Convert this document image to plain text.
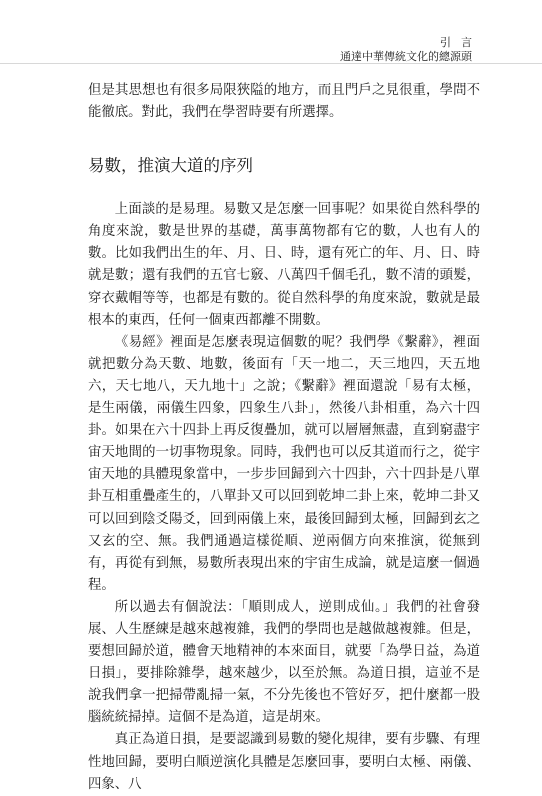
引言
通達中華傳統文化的總源頭

但是其思想也有很多局限狹隘的地方，而且門戶之見很重，學問不能徹底。對此，我們在學習時要有所選擇。

易數，推演大道的序列

上面談的是易理。易數又是怎麼一回事呢？如果從自然科學的角度來說，數是世界的基礎，萬事萬物都有它的數，人也有人的數。比如我們出生的年、月、日、時，還有死亡的年、月、日、時就是數；還有我們的五官七竅、八萬四千個毛孔，數不清的頭髮，穿衣戴帽等等，也都是有數的。從自然科學的角度來說，數就是最根本的東西，任何一個東西都離不開數。

《易經》裡面是怎麼表現這個數的呢？我們學《繫辭》，裡面就把數分為天數、地數，後面有「天一地二，天三地四，天五地六，天七地八，天九地十」之說；《繫辭》裡面還說「易有太極，是生兩儀，兩儀生四象，四象生八卦」，然後八卦相重，為六十四卦。如果在六十四卦上再反復疊加，就可以層層無盡，直到窮盡宇宙天地間的一切事物現象。同時，我們也可以反其道而行之，從宇宙天地的具體現象當中，一步步回歸到六十四卦，六十四卦是八單卦互相重疊產生的，八單卦又可以回到乾坤二卦上來，乾坤二卦又可以回到陰爻陽爻，回到兩儀上來，最後回歸到太極，回歸到玄之又玄的空、無。我們通過這樣從順、逆兩個方向來推演，從無到有，再從有到無，易數所表現出來的宇宙生成論，就是這麼一個過程。

所以過去有個說法：「順則成人，逆則成仙。」我們的社會發展、人生歷練是越來越複雜，我們的學問也是越做越複雜。但是，要想回歸於道，體會天地精神的本來面目，就要「為學日益，為道日損」，要排除雜學，越來越少，以至於無。為道日損，這並不是說我們拿一把掃帶亂掃一氣，不分先後也不管好歹，把什麼都一股腦統統掃掉。這個不是為道，這是胡來。

真正為道日損，是要認識到易數的變化規律，要有步驟、有理性地回歸，要明白順逆演化具體是怎麼回事，要明白太極、兩儀、四象、八
